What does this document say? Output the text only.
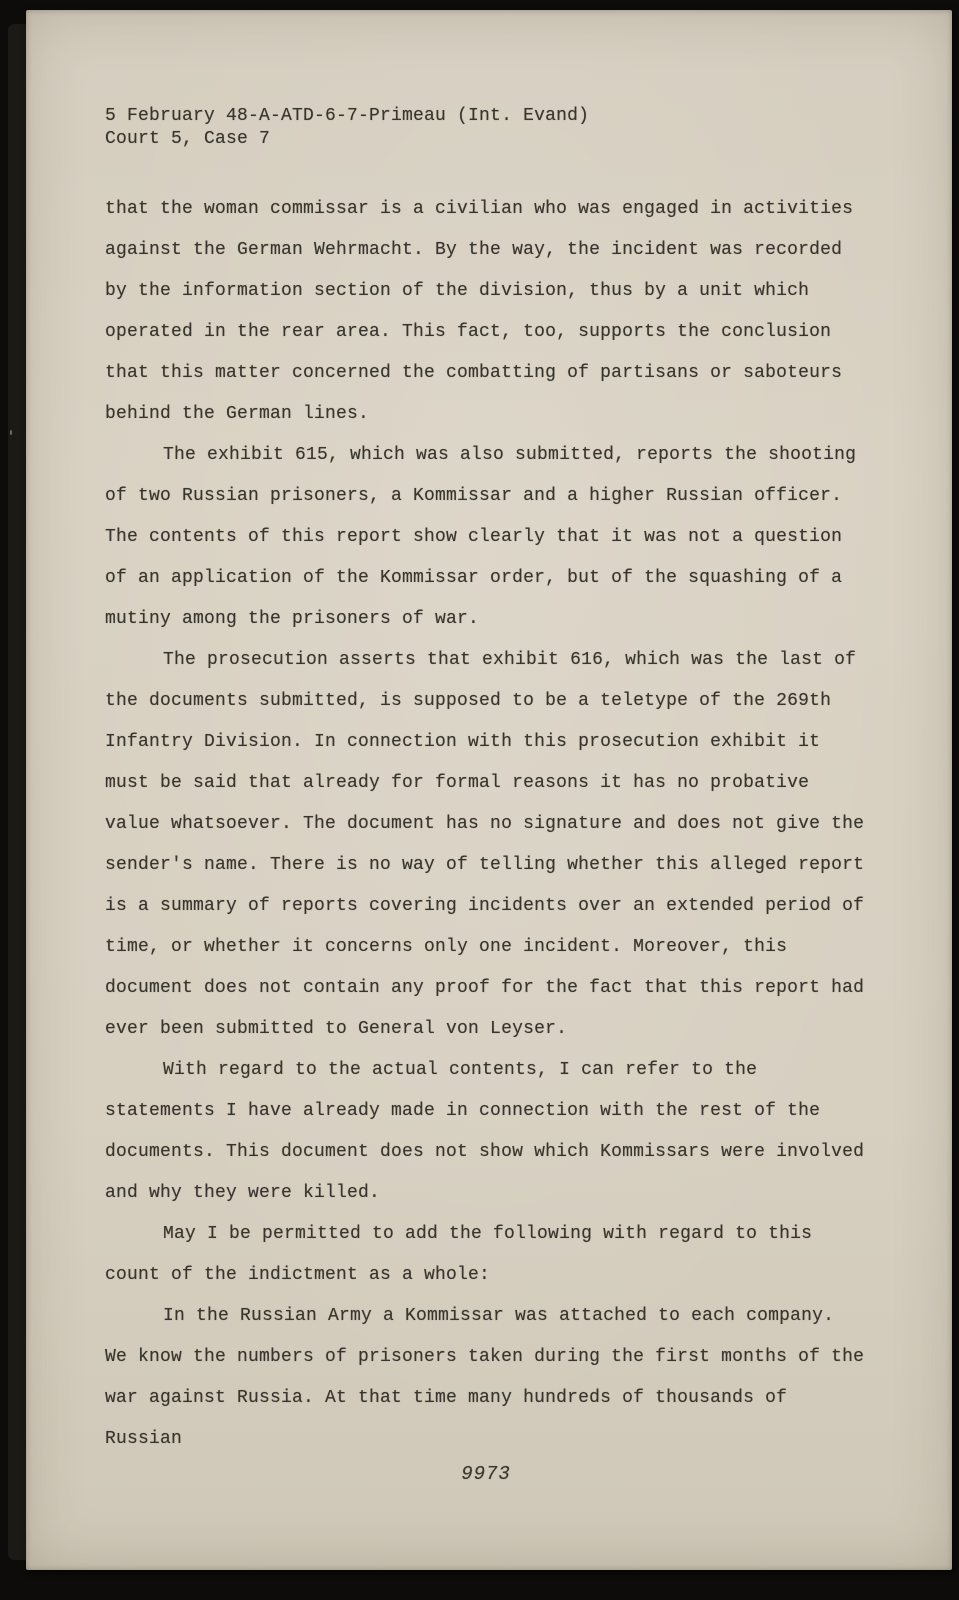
5 February 48-A-ATD-6-7-Primeau (Int. Evand)
Court 5, Case 7

that the woman commissar is a civilian who was engaged in activities against the German Wehrmacht. By the way, the incident was recorded by the information section of the division, thus by a unit which operated in the rear area. This fact, too, supports the conclusion that this matter concerned the combatting of partisans or saboteurs behind the German lines.

The exhibit 615, which was also submitted, reports the shooting of two Russian prisoners, a Kommissar and a higher Russian officer. The contents of this report show clearly that it was not a question of an application of the Kommissar order, but of the squashing of a mutiny among the prisoners of war.

The prosecution asserts that exhibit 616, which was the last of the documents submitted, is supposed to be a teletype of the 269th Infantry Division. In connection with this prosecution exhibit it must be said that already for formal reasons it has no probative value whatsoever. The document has no signature and does not give the sender's name. There is no way of telling whether this alleged report is a summary of reports covering incidents over an extended period of time, or whether it concerns only one incident. Moreover, this document does not contain any proof for the fact that this report had ever been submitted to General von Leyser.

With regard to the actual contents, I can refer to the statements I have already made in connection with the rest of the documents. This document does not show which Kommissars were involved and why they were killed.

May I be permitted to add the following with regard to this count of the indictment as a whole:

In the Russian Army a Kommissar was attached to each company. We know the numbers of prisoners taken during the first months of the war against Russia. At that time many hundreds of thousands of Russian

9973
